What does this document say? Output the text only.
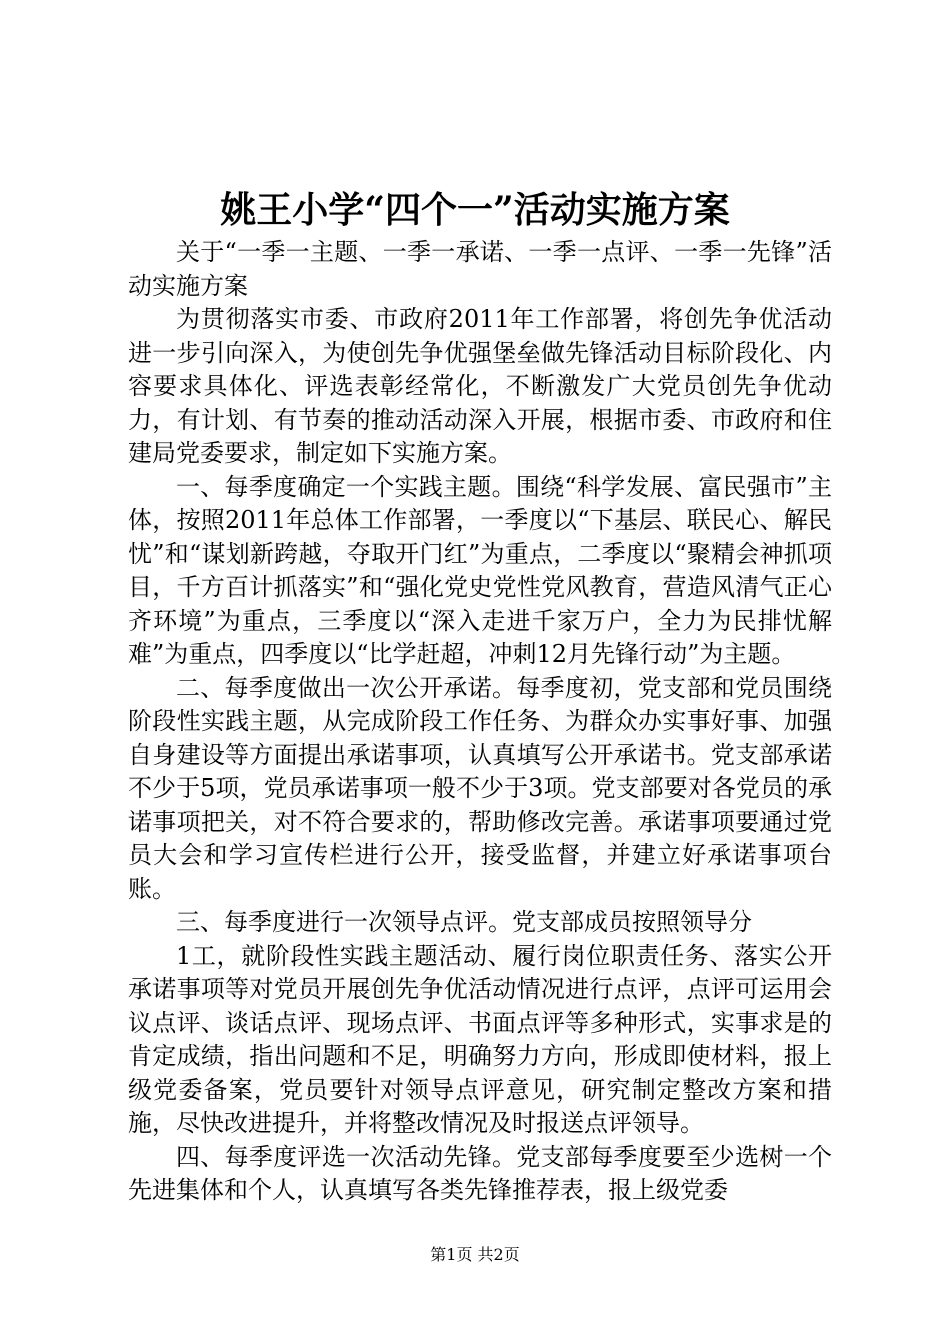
姚王小学“四个一”活动实施方案

关于“一季一主题、一季一承诺、一季一点评、一季一先锋”活动实施方案

为贯彻落实市委、市政府2011年工作部署，将创先争优活动进一步引向深入，为使创先争优强堡垒做先锋活动目标阶段化、内容要求具体化、评选表彰经常化，不断激发广大党员创先争优动力，有计划、有节奏的推动活动深入开展，根据市委、市政府和住建局党委要求，制定如下实施方案。

一、每季度确定一个实践主题。围绕“科学发展、富民强市”主体，按照2011年总体工作部署，一季度以“下基层、联民心、解民忧”和“谋划新跨越，夺取开门红”为重点，二季度以“聚精会神抓项目，千方百计抓落实”和“强化党史党性党风教育，营造风清气正心齐环境”为重点，三季度以“深入走进千家万户，全力为民排忧解难”为重点，四季度以“比学赶超，冲刺12月先锋行动”为主题。

二、每季度做出一次公开承诺。每季度初，党支部和党员围绕阶段性实践主题，从完成阶段工作任务、为群众办实事好事、加强自身建设等方面提出承诺事项，认真填写公开承诺书。党支部承诺不少于5项，党员承诺事项一般不少于3项。党支部要对各党员的承诺事项把关，对不符合要求的，帮助修改完善。承诺事项要通过党员大会和学习宣传栏进行公开，接受监督，并建立好承诺事项台账。

三、每季度进行一次领导点评。党支部成员按照领导分

1工，就阶段性实践主题活动、履行岗位职责任务、落实公开承诺事项等对党员开展创先争优活动情况进行点评，点评可运用会议点评、谈话点评、现场点评、书面点评等多种形式，实事求是的肯定成绩，指出问题和不足，明确努力方向，形成即使材料，报上级党委备案，党员要针对领导点评意见，研究制定整改方案和措施，尽快改进提升，并将整改情况及时报送点评领导。

四、每季度评选一次活动先锋。党支部每季度要至少选树一个先进集体和个人，认真填写各类先锋推荐表，报上级党委

第1页 共2页
